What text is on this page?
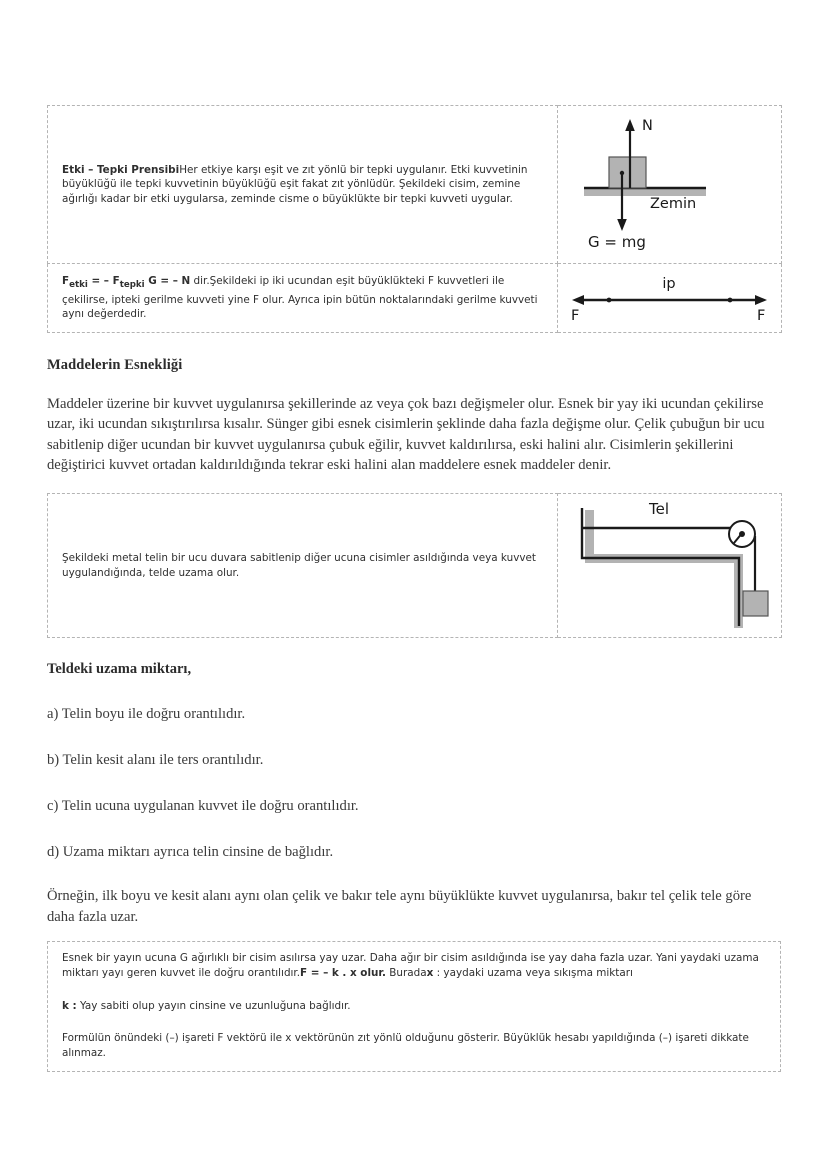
Etki – Tepki PrensibiHer etkiye karşı eşit ve zıt yönlü bir tepki uygulanır. Etki kuvvetinin büyüklüğü ile tepki kuvvetinin büyüklüğü eşit fakat zıt yönlüdür. Şekildeki cisim, zemine ağırlığı kadar bir etki uygularsa, zeminde cisme o büyüklükte bir tepki kuvveti uygular.

N
Zemin
G = mg

$F_{etki}$ = – $F_{tepki}$ G = – N dir.Şekildeki ip iki ucundan eşit büyüklükteki F kuvvetleri ile çekilirse, ipteki gerilme kuvveti yine F olur. Ayrıca ipin bütün noktalarındaki gerilme kuvveti aynı değerdedir.

ip
F	F
Maddelerin Esnekliği

Maddeler üzerine bir kuvvet uygulanırsa şekillerinde az veya çok bazı değişmeler olur. Esnek bir yay iki ucundan çekilirse uzar, iki ucundan sıkıştırılırsa kısalır. Sünger gibi esnek cisimlerin şeklinde daha fazla değişme olur. Çelik çubuğun bir ucu sabitlenip diğer ucundan bir kuvvet uygulanırsa çubuk eğilir, kuvvet kaldırılırsa, eski halini alır. Cisimlerin şekillerini değiştirici kuvvet ortadan kaldırıldığında tekrar eski halini alan maddelere esnek maddeler denir.

Şekildeki metal telin bir ucu duvara sabitlenip diğer ucuna cisimler asıldığında veya kuvvet uygulandığında, telde uzama olur.

Tel
Teldeki uzama miktarı,

a) Telin boyu ile doğru orantılıdır.

b) Telin kesit alanı ile ters orantılıdır.

c) Telin ucuna uygulanan kuvvet ile doğru orantılıdır.

d) Uzama miktarı ayrıca telin cinsine de bağlıdır.

Örneğin, ilk boyu ve kesit alanı aynı olan çelik ve bakır tele aynı büyüklükte kuvvet uygulanırsa, bakır tel çelik tele göre daha fazla uzar.

Esnek bir yayın ucuna G ağırlıklı bir cisim asılırsa yay uzar. Daha ağır bir cisim asıldığında ise yay daha fazla uzar. Yani yaydaki uzama miktarı yayı geren kuvvet ile doğru orantılıdır.F = – k . x olur. Buradax : yaydaki uzama veya sıkışma miktarı
k : Yay sabiti olup yayın cinsine ve uzunluğuna bağlıdır.
Formülün önündeki (–) işareti F vektörü ile x vektörünün zıt yönlü olduğunu gösterir. Büyüklük hesabı yapıldığında (–) işareti dikkate alınmaz.
